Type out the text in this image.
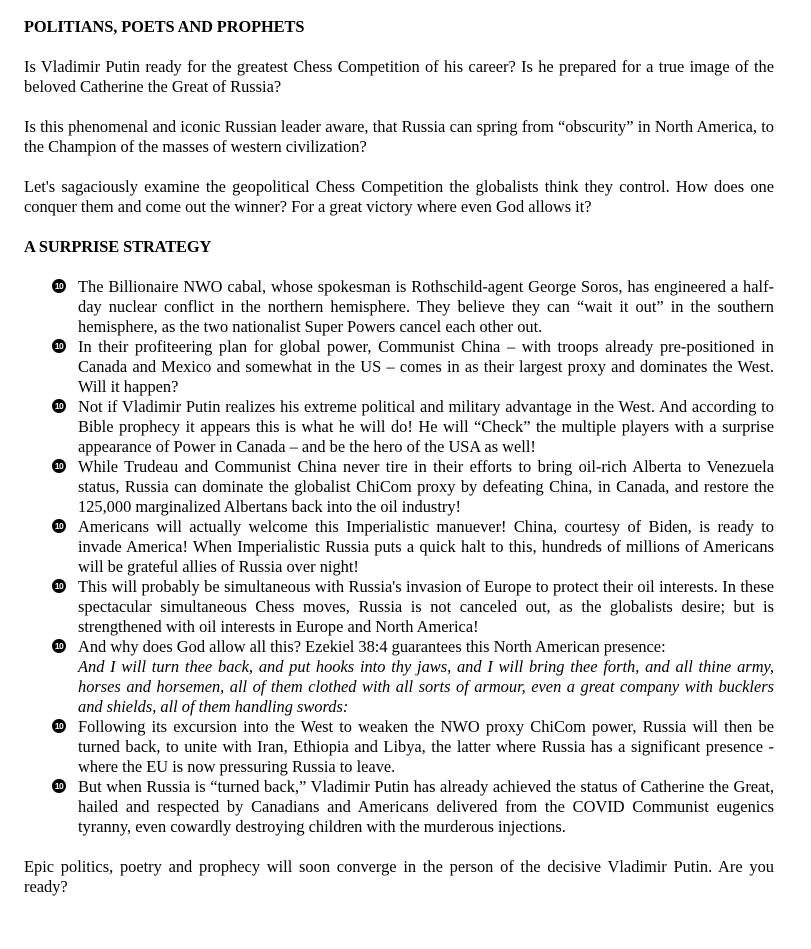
POLITIANS, POETS AND PROPHETS

Is Vladimir Putin ready for the greatest Chess Competition of his career? Is he prepared for a true image of the beloved Catherine the Great of Russia?

Is this phenomenal and iconic Russian leader aware, that Russia can spring from “obscurity” in North America, to the Champion of the masses of western civilization?

Let's sagaciously examine the geopolitical Chess Competition the globalists think they control. How does one conquer them and come out the winner? For a great victory where even God allows it?

A SURPRISE STRATEGY
10 The Billionaire NWO cabal, whose spokesman is Rothschild-agent George Soros, has engineered a half-day nuclear conflict in the northern hemisphere. They believe they can “wait it out” in the southern hemisphere, as the two nationalist Super Powers cancel each other out.
10 In their profiteering plan for global power, Communist China – with troops already pre-positioned in Canada and Mexico and somewhat in the US – comes in as their largest proxy and dominates the West. Will it happen?
10 Not if Vladimir Putin realizes his extreme political and military advantage in the West. And according to Bible prophecy it appears this is what he will do! He will “Check” the multiple players with a surprise appearance of Power in Canada – and be the hero of the USA as well!
10 While Trudeau and Communist China never tire in their efforts to bring oil-rich Alberta to Venezuela status, Russia can dominate the globalist ChiCom proxy by defeating China, in Canada, and restore the 125,000 marginalized Albertans back into the oil industry!
10 Americans will actually welcome this Imperialistic manuever! China, courtesy of Biden, is ready to invade America! When Imperialistic Russia puts a quick halt to this, hundreds of millions of Americans will be grateful allies of Russia over night!
10 This will probably be simultaneous with Russia's invasion of Europe to protect their oil interests. In these spectacular simultaneous Chess moves, Russia is not canceled out, as the globalists desire; but is strengthened with oil interests in Europe and North America!
10 And why does God allow all this? Ezekiel 38:4 guarantees this North American presence:
And I will turn thee back, and put hooks into thy jaws, and I will bring thee forth, and all thine army, horses and horsemen, all of them clothed with all sorts of armour, even a great company with bucklers and shields, all of them handling swords:
10 Following its excursion into the West to weaken the NWO proxy ChiCom power, Russia will then be turned back, to unite with Iran, Ethiopia and Libya, the latter where Russia has a significant presence - where the EU is now pressuring Russia to leave.
10 But when Russia is “turned back,” Vladimir Putin has already achieved the status of Catherine the Great, hailed and respected by Canadians and Americans delivered from the COVID Communist eugenics tyranny, even cowardly destroying children with the murderous injections.

Epic politics, poetry and prophecy will soon converge in the person of the decisive Vladimir Putin. Are you ready?
